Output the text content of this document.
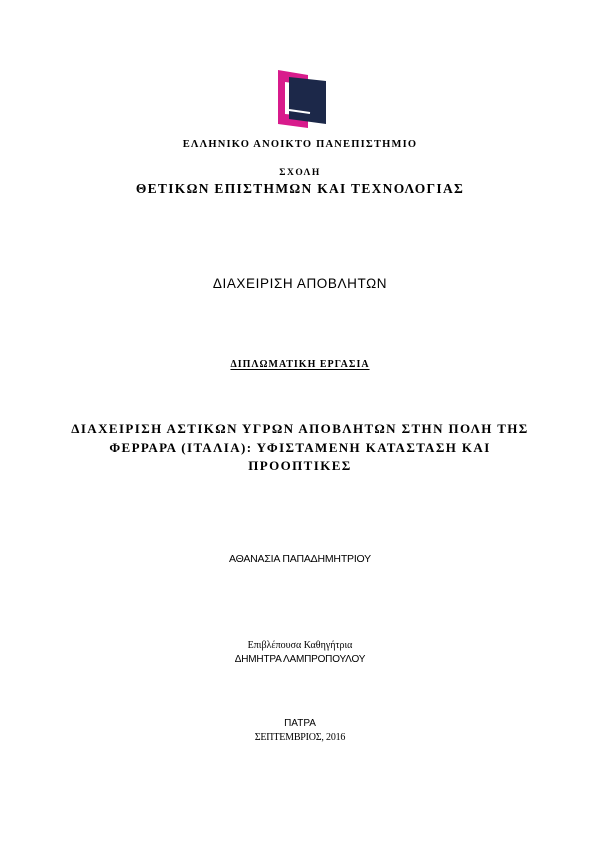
ΕΛΛΗΝΙΚΟ ΑΝΟΙΚΤΟ ΠΑΝΕΠΙΣΤΗΜΙΟ
ΣΧΟΛΗ
ΘΕΤΙΚΩΝ ΕΠΙΣΤΗΜΩΝ ΚΑΙ ΤΕΧΝΟΛΟΓΙΑΣ
ΔΙΑΧΕΙΡΙΣΗ ΑΠΟΒΛΗΤΩΝ
ΔΙΠΛΩΜΑΤΙΚΗ ΕΡΓΑΣΙΑ
ΔΙΑΧΕΙΡΙΣΗ ΑΣΤΙΚΩΝ ΥΓΡΩΝ ΑΠΟΒΛΗΤΩΝ ΣΤΗΝ ΠΟΛΗ ΤΗΣ
ΦΕΡΡΑΡΑ (ΙΤΑΛΙΑ): ΥΦΙΣΤΑΜΕΝΗ ΚΑΤΑΣΤΑΣΗ ΚΑΙ
ΠΡΟΟΠΤΙΚΕΣ
ΑΘΑΝΑΣΙΑ ΠΑΠΑΔΗΜΗΤΡΙΟΥ
Επιβλέπουσα Καθηγήτρια
ΔΗΜΗΤΡΑ ΛΑΜΠΡΟΠΟΥΛΟΥ
ΠΑΤΡΑ
ΣΕΠΤΕΜΒΡΙΟΣ, 2016
